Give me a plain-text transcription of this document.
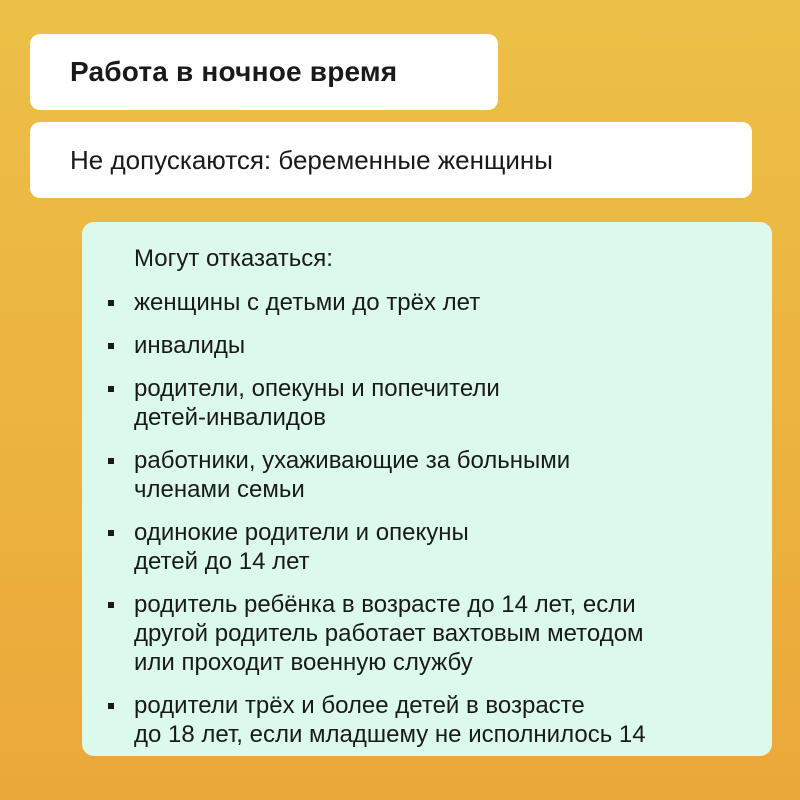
Работа в ночное время
Не допускаются: беременные женщины
Могут отказаться:
женщины с детьми до трёх лет
инвалиды
родители, опекуны и попечители
детей-инвалидов
работники, ухаживающие за больными
членами семьи
одинокие родители и опекуны
детей до 14 лет
родитель ребёнка в возрасте до 14 лет, если
другой родитель работает вахтовым методом
или проходит военную службу
родители трёх и более детей в возрасте
до 18 лет, если младшему не исполнилось 14
